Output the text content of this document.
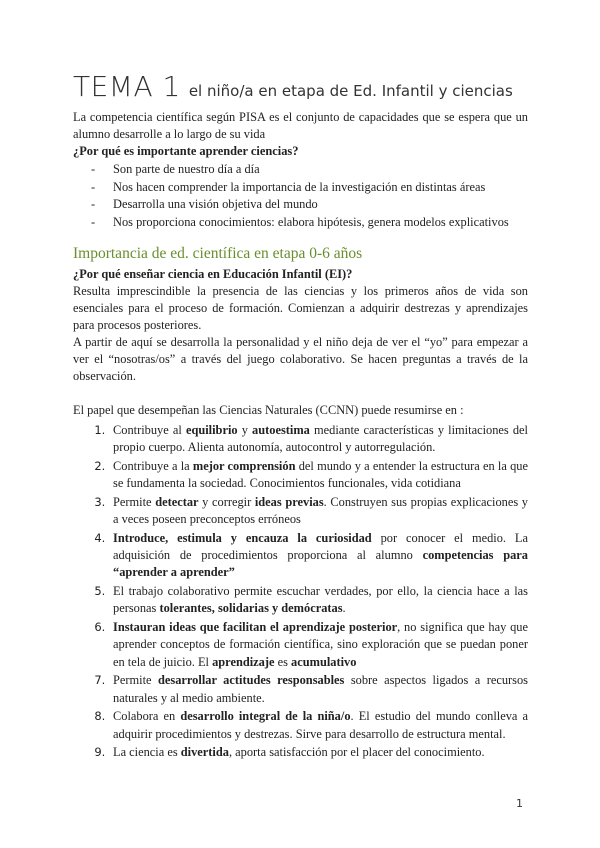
TEMA 1 el niño/a en etapa de Ed. Infantil y ciencias

La competencia científica según PISA es el conjunto de capacidades que se espera que un alumno desarrolle a lo largo de su vida

¿Por qué es importante aprender ciencias?

- Son parte de nuestro día a día
- Nos hacen comprender la importancia de la investigación en distintas áreas
- Desarrolla una visión objetiva del mundo
- Nos proporciona conocimientos: elabora hipótesis, genera modelos explicativos
Importancia de ed. científica en etapa 0-6 años

¿Por qué enseñar ciencia en Educación Infantil (EI)?

Resulta imprescindible la presencia de las ciencias y los primeros años de vida son esenciales para el proceso de formación. Comienzan a adquirir destrezas y aprendizajes para procesos posteriores.

A partir de aquí se desarrolla la personalidad y el niño deja de ver el “yo” para empezar a ver el “nosotras/os” a través del juego colaborativo. Se hacen preguntas a través de la observación.

El papel que desempeñan las Ciencias Naturales (CCNN) puede resumirse en :

1. Contribuye al equilibrio y autoestima mediante características y limitaciones del propio cuerpo. Alienta autonomía, autocontrol y autorregulación.
2. Contribuye a la mejor comprensión del mundo y a entender la estructura en la que se fundamenta la sociedad. Conocimientos funcionales, vida cotidiana
3. Permite detectar y corregir ideas previas. Construyen sus propias explicaciones y a veces poseen preconceptos erróneos
4. Introduce, estimula y encauza la curiosidad por conocer el medio. La adquisición de procedimientos proporciona al alumno competencias para “aprender a aprender”
5. El trabajo colaborativo permite escuchar verdades, por ello, la ciencia hace a las personas tolerantes, solidarias y demócratas.
6. Instauran ideas que facilitan el aprendizaje posterior, no significa que hay que aprender conceptos de formación científica, sino exploración que se puedan poner en tela de juicio. El aprendizaje es acumulativo
7. Permite desarrollar actitudes responsables sobre aspectos ligados a recursos naturales y al medio ambiente.
8. Colabora en desarrollo integral de la niña/o. El estudio del mundo conlleva a adquirir procedimientos y destrezas. Sirve para desarrollo de estructura mental.
9. La ciencia es divertida, aporta satisfacción por el placer del conocimiento.
1
